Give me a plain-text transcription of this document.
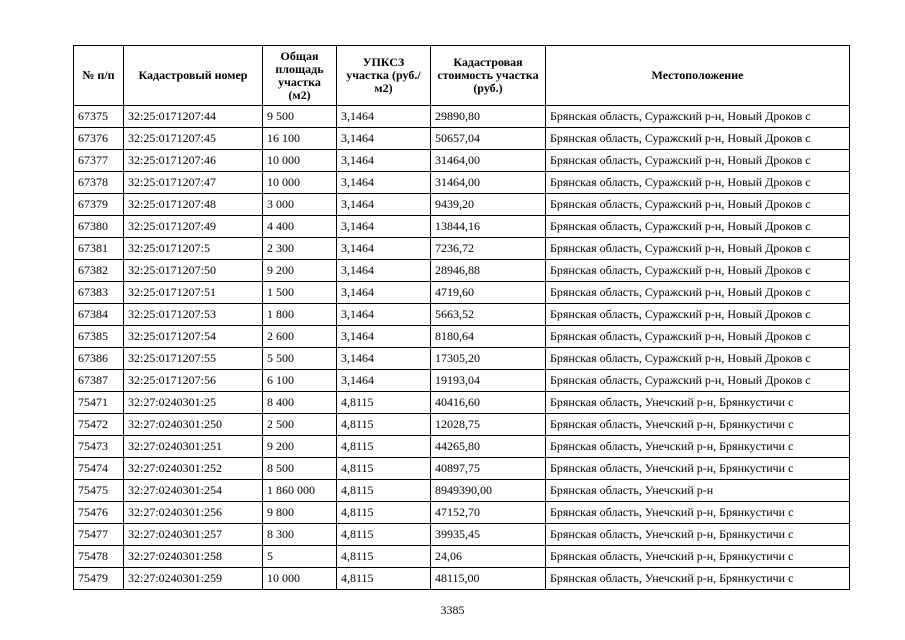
№ п/п	Кадастровый номер	Общая площадь участка (м2)	УПКСЗ участка (руб./м2)	Кадастровая стоимость участка (руб.)	Местоположение
67375	32:25:0171207:44	9 500	3,1464	29890,80	Брянская область, Суражский р-н, Новый Дроков с
67376	32:25:0171207:45	16 100	3,1464	50657,04	Брянская область, Суражский р-н, Новый Дроков с
67377	32:25:0171207:46	10 000	3,1464	31464,00	Брянская область, Суражский р-н, Новый Дроков с
67378	32:25:0171207:47	10 000	3,1464	31464,00	Брянская область, Суражский р-н, Новый Дроков с
67379	32:25:0171207:48	3 000	3,1464	9439,20	Брянская область, Суражский р-н, Новый Дроков с
67380	32:25:0171207:49	4 400	3,1464	13844,16	Брянская область, Суражский р-н, Новый Дроков с
67381	32:25:0171207:5	2 300	3,1464	7236,72	Брянская область, Суражский р-н, Новый Дроков с
67382	32:25:0171207:50	9 200	3,1464	28946,88	Брянская область, Суражский р-н, Новый Дроков с
67383	32:25:0171207:51	1 500	3,1464	4719,60	Брянская область, Суражский р-н, Новый Дроков с
67384	32:25:0171207:53	1 800	3,1464	5663,52	Брянская область, Суражский р-н, Новый Дроков с
67385	32:25:0171207:54	2 600	3,1464	8180,64	Брянская область, Суражский р-н, Новый Дроков с
67386	32:25:0171207:55	5 500	3,1464	17305,20	Брянская область, Суражский р-н, Новый Дроков с
67387	32:25:0171207:56	6 100	3,1464	19193,04	Брянская область, Суражский р-н, Новый Дроков с
75471	32:27:0240301:25	8 400	4,8115	40416,60	Брянская область, Унечский р-н, Брянкустичи с
75472	32:27:0240301:250	2 500	4,8115	12028,75	Брянская область, Унечский р-н, Брянкустичи с
75473	32:27:0240301:251	9 200	4,8115	44265,80	Брянская область, Унечский р-н, Брянкустичи с
75474	32:27:0240301:252	8 500	4,8115	40897,75	Брянская область, Унечский р-н, Брянкустичи с
75475	32:27:0240301:254	1 860 000	4,8115	8949390,00	Брянская область, Унечский р-н
75476	32:27:0240301:256	9 800	4,8115	47152,70	Брянская область, Унечский р-н, Брянкустичи с
75477	32:27:0240301:257	8 300	4,8115	39935,45	Брянская область, Унечский р-н, Брянкустичи с
75478	32:27:0240301:258	5	4,8115	24,06	Брянская область, Унечский р-н, Брянкустичи с
75479	32:27:0240301:259	10 000	4,8115	48115,00	Брянская область, Унечский р-н, Брянкустичи с
3385
